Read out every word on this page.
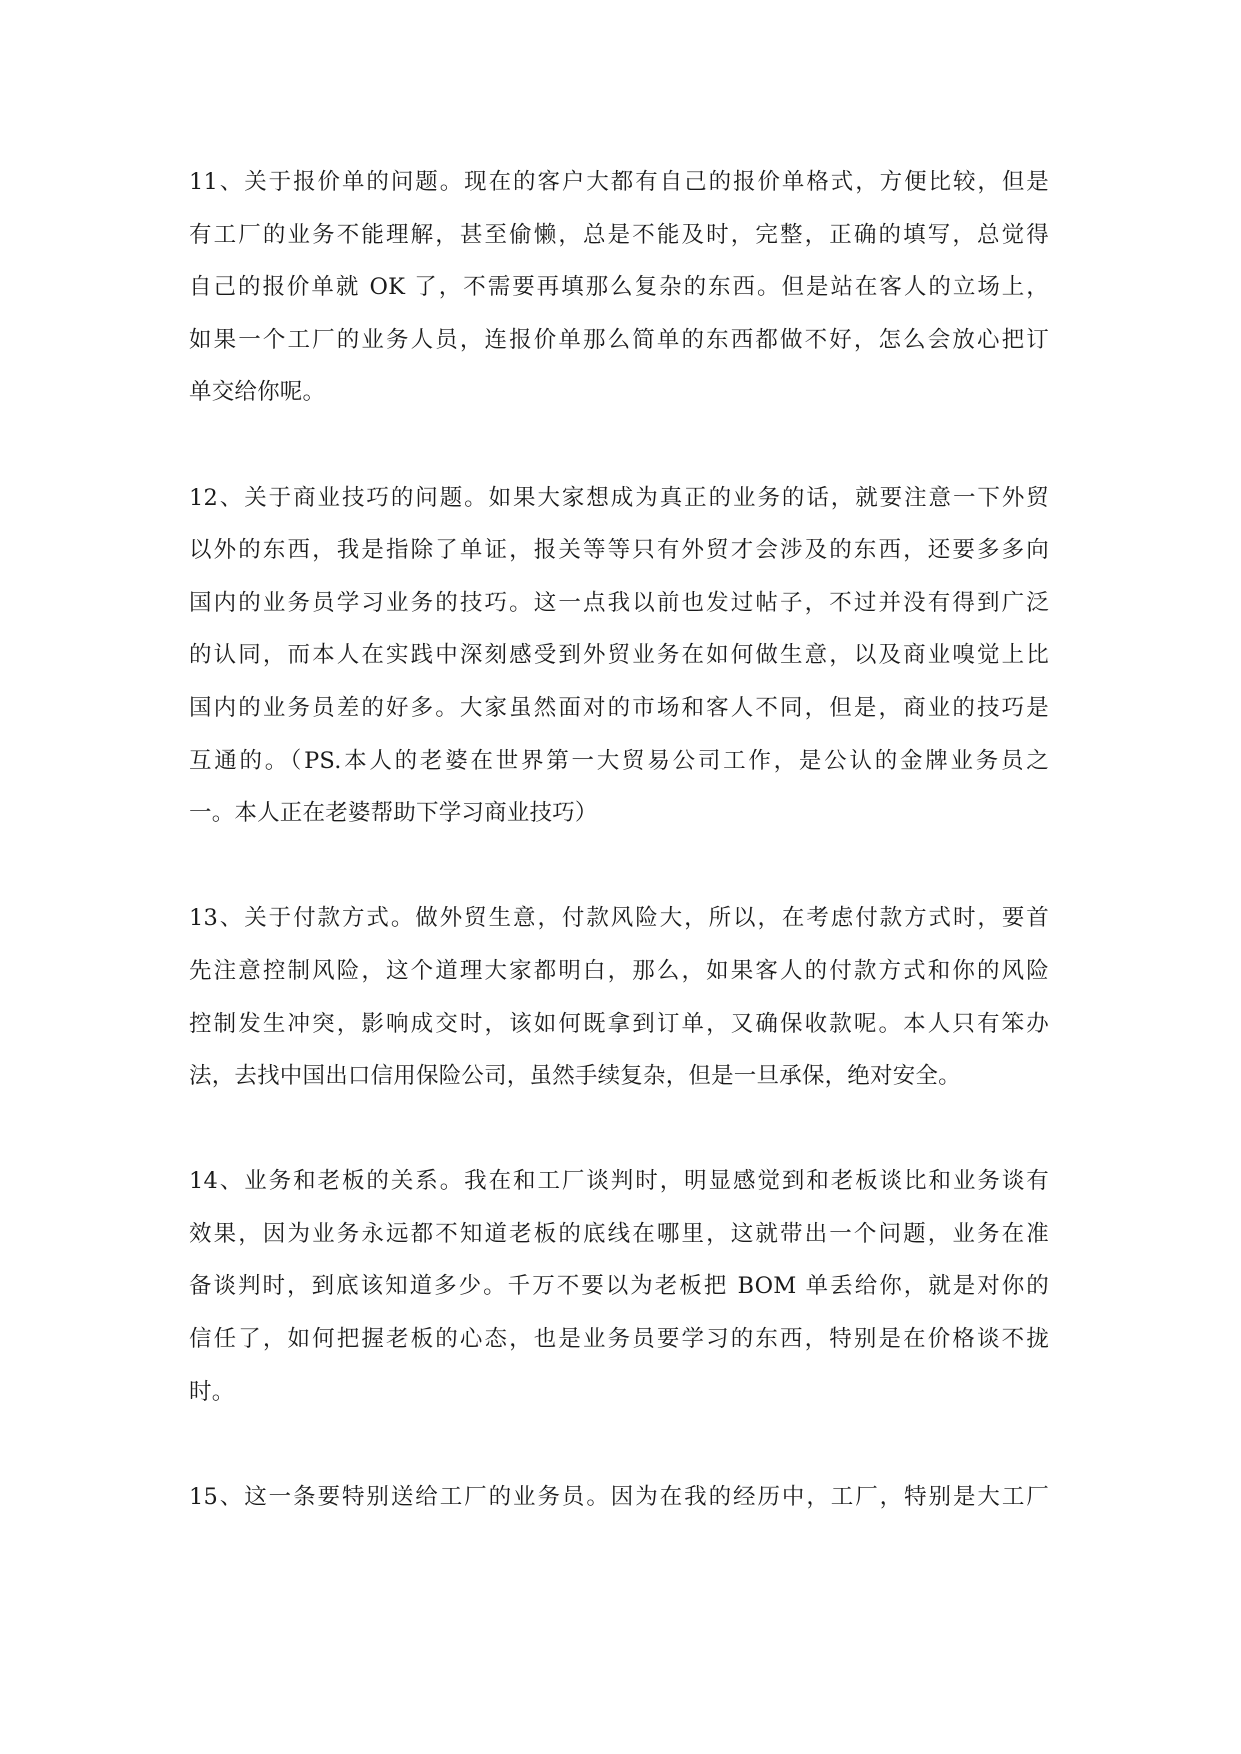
11、关于报价单的问题。现在的客户大都有自己的报价单格式，方便比较，但是
有工厂的业务不能理解，甚至偷懒，总是不能及时，完整，正确的填写，总觉得
自己的报价单就 OK 了，不需要再填那么复杂的东西。但是站在客人的立场上，
如果一个工厂的业务人员，连报价单那么简单的东西都做不好，怎么会放心把订
单交给你呢。
12、关于商业技巧的问题。如果大家想成为真正的业务的话，就要注意一下外贸
以外的东西，我是指除了单证，报关等等只有外贸才会涉及的东西，还要多多向
国内的业务员学习业务的技巧。这一点我以前也发过帖子，不过并没有得到广泛
的认同，而本人在实践中深刻感受到外贸业务在如何做生意，以及商业嗅觉上比
国内的业务员差的好多。大家虽然面对的市场和客人不同，但是，商业的技巧是
互通的。（PS.本人的老婆在世界第一大贸易公司工作，是公认的金牌业务员之
一。本人正在老婆帮助下学习商业技巧）
13、关于付款方式。做外贸生意，付款风险大，所以，在考虑付款方式时，要首
先注意控制风险，这个道理大家都明白，那么，如果客人的付款方式和你的风险
控制发生冲突，影响成交时，该如何既拿到订单，又确保收款呢。本人只有笨办
法，去找中国出口信用保险公司，虽然手续复杂，但是一旦承保，绝对安全。
14、业务和老板的关系。我在和工厂谈判时，明显感觉到和老板谈比和业务谈有
效果，因为业务永远都不知道老板的底线在哪里，这就带出一个问题，业务在准
备谈判时，到底该知道多少。千万不要以为老板把 BOM 单丢给你，就是对你的
信任了，如何把握老板的心态，也是业务员要学习的东西，特别是在价格谈不拢
时。
15、这一条要特别送给工厂的业务员。因为在我的经历中，工厂，特别是大工厂
